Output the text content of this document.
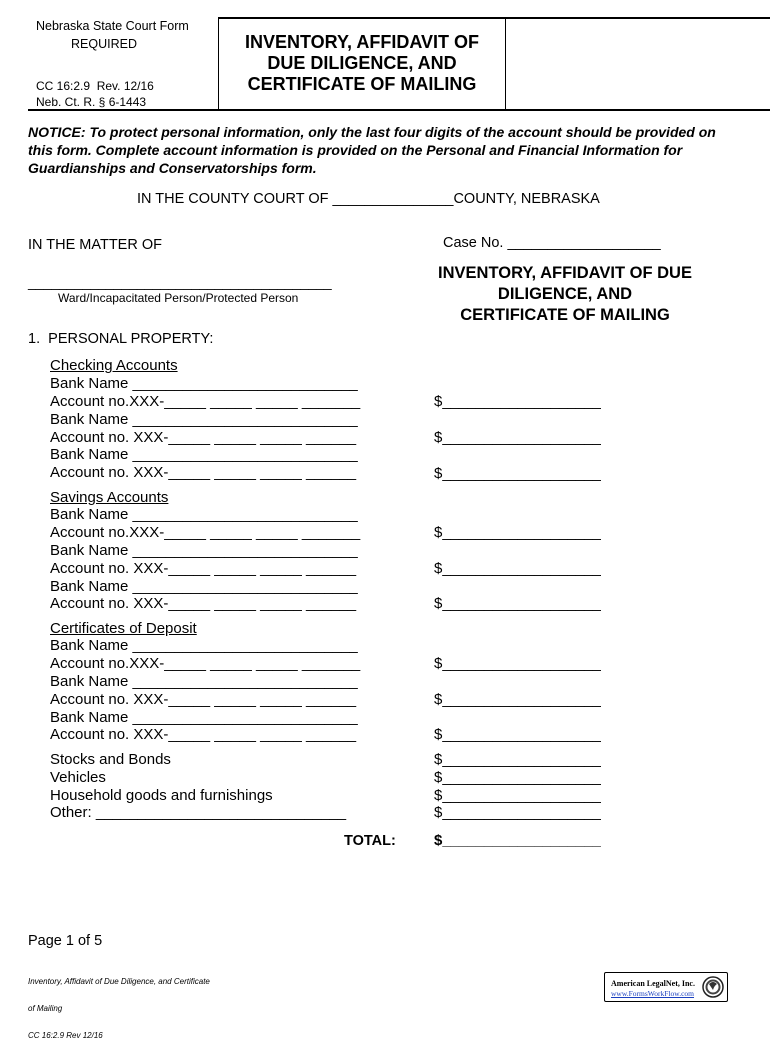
Nebraska State Court Form
REQUIRED
CC 16:2.9  Rev. 12/16
Neb. Ct. R. § 6-1443
INVENTORY, AFFIDAVIT OF
DUE DILIGENCE, AND
CERTIFICATE OF MAILING
NOTICE: To protect personal information, only the last four digits of the account should be provided on this form. Complete account information is provided on the Personal and Financial Information for Guardianships and Conservatorships form.
IN THE COUNTY COURT OF _______________COUNTY, NEBRASKA
IN THE MATTER OF	Case No. ___________________
_______________________________________
Ward/Incapacitated Person/Protected Person
INVENTORY, AFFIDAVIT OF DUE
DILIGENCE, AND
CERTIFICATE OF MAILING
1.  PERSONAL PROPERTY:
Checking Accounts
Bank Name ___________________________
Account no.XXX-_____ _____ _____ _______	$___________________
Bank Name ___________________________
Account no. XXX-_____ _____ _____ ______	$___________________
Bank Name ___________________________
Account no. XXX-_____ _____ _____ ______	$___________________
Savings Accounts
Bank Name ___________________________
Account no.XXX-_____ _____ _____ _______	$___________________
Bank Name ___________________________
Account no. XXX-_____ _____ _____ ______	$___________________
Bank Name ___________________________
Account no. XXX-_____ _____ _____ ______	$___________________
Certificates of Deposit
Bank Name ___________________________
Account no.XXX-_____ _____ _____ _______	$___________________
Bank Name ___________________________
Account no. XXX-_____ _____ _____ ______	$___________________
Bank Name ___________________________
Account no. XXX-_____ _____ _____ ______	$___________________
Stocks and Bonds	$___________________
Vehicles	$___________________
Household goods and furnishings	$___________________
Other: ______________________________	$___________________
TOTAL:	$___________________
Page 1 of 5

Inventory, Affidavit of Due Diligence, and Certificate

of Mailing

CC 16:2.9 Rev 12/16

American LegalNet, Inc.
www.FormsWorkFlow.com
